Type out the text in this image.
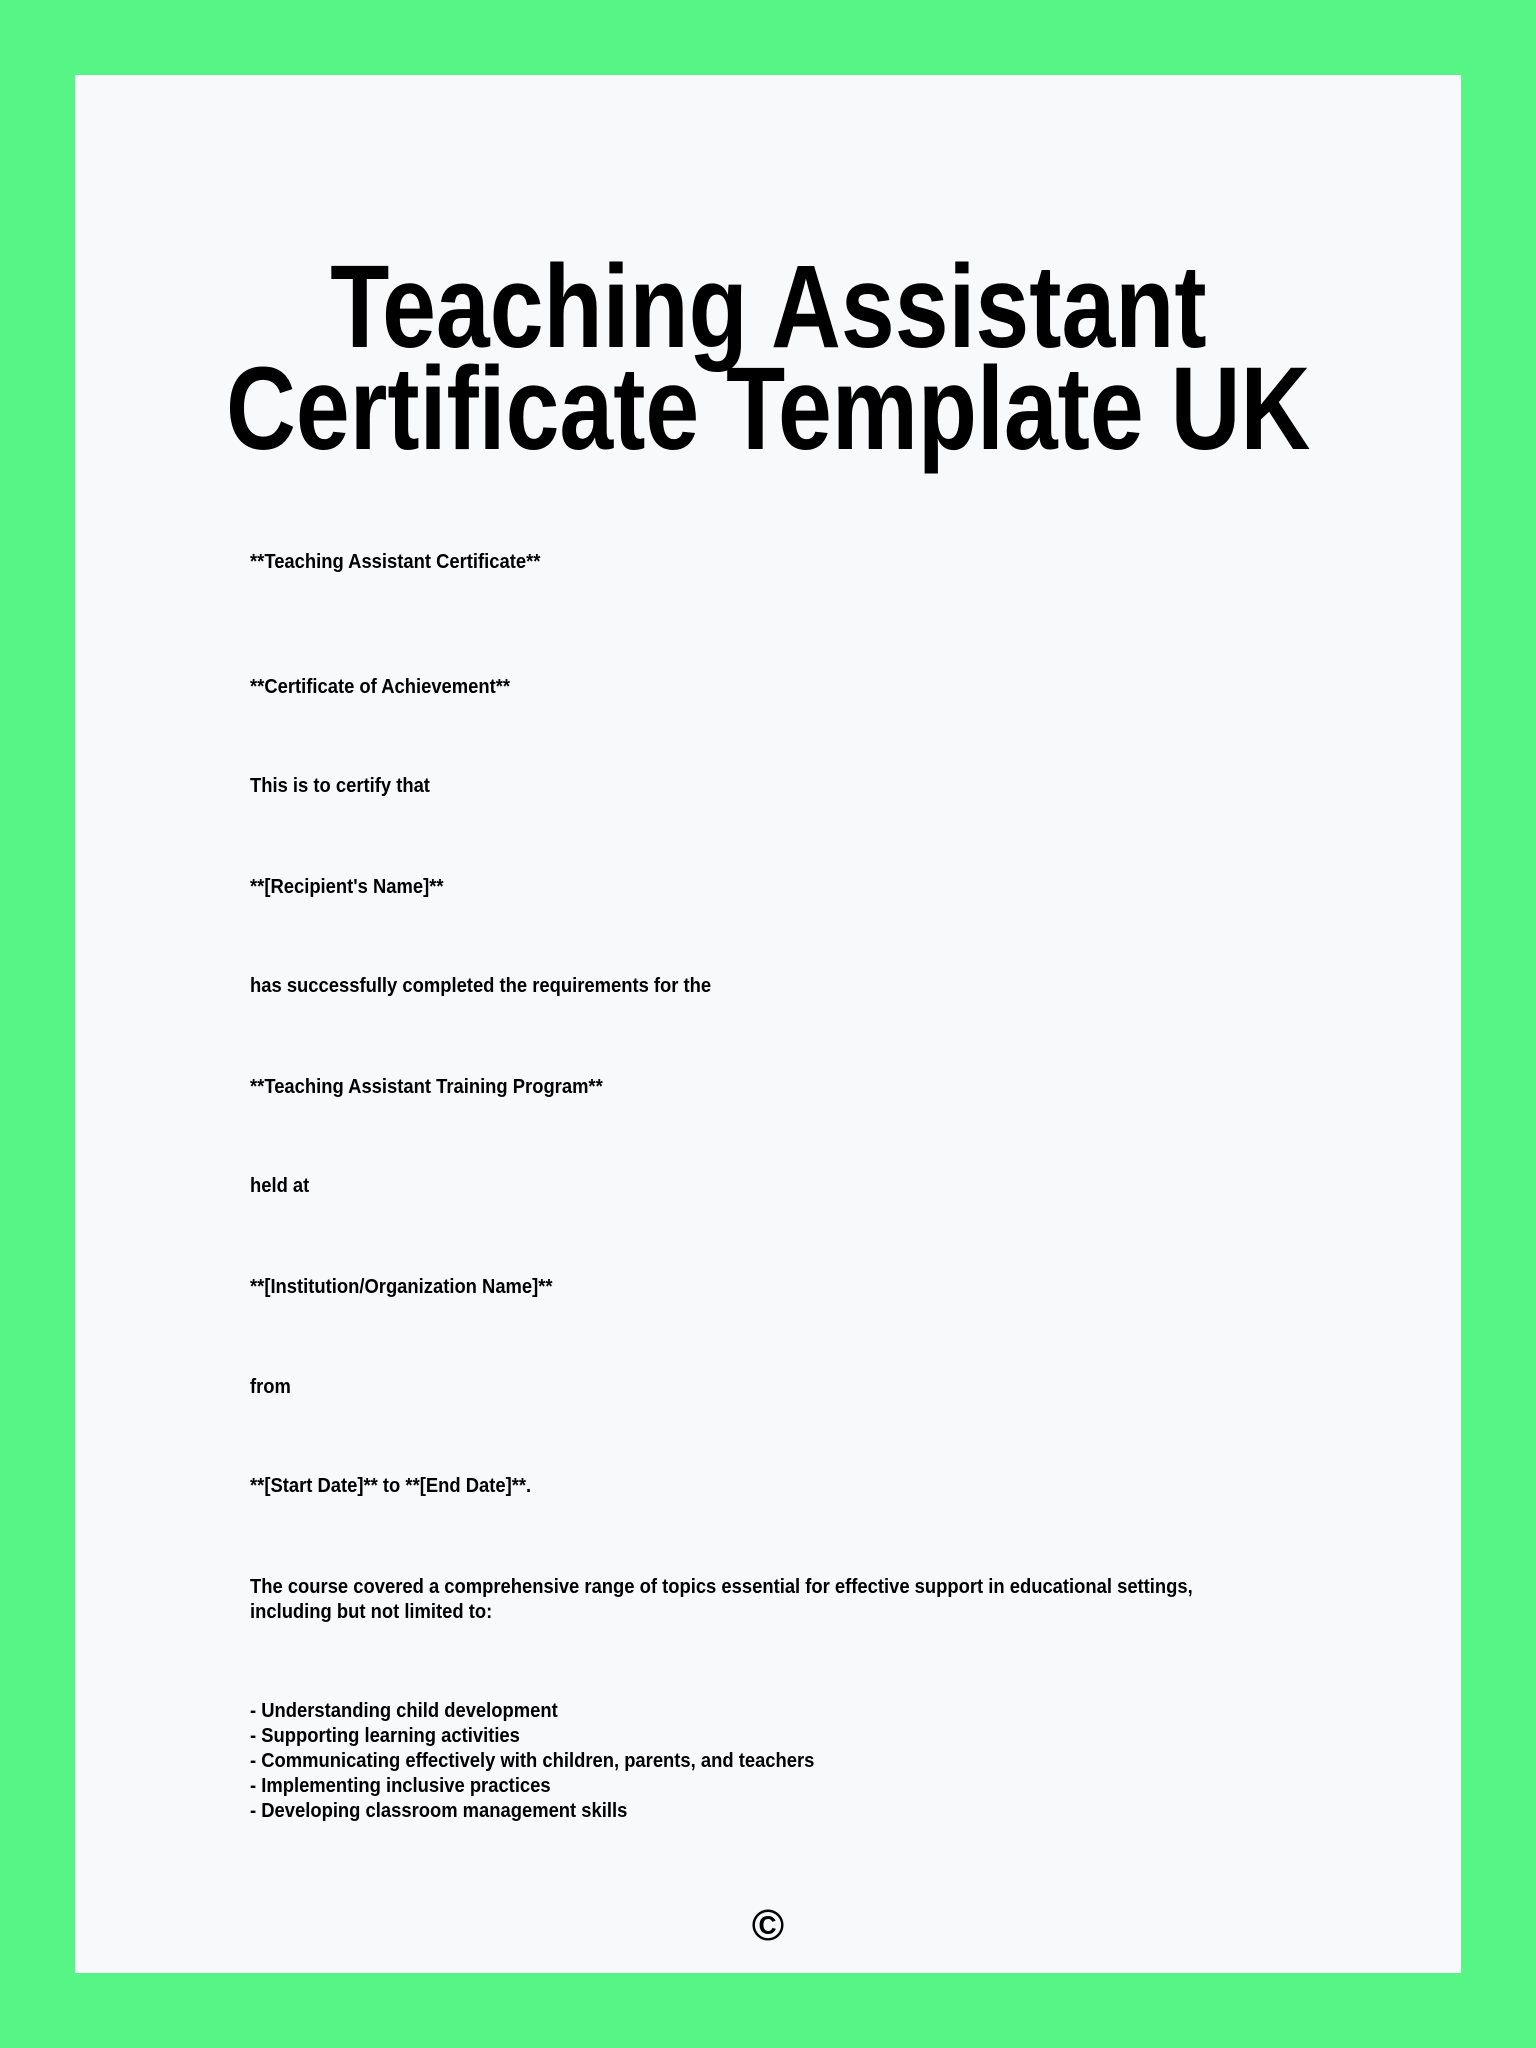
Teaching Assistant
Certificate Template UK
**Teaching Assistant Certificate**
**Certificate of Achievement**
This is to certify that
**[Recipient's Name]**
has successfully completed the requirements for the
**Teaching Assistant Training Program**
held at
**[Institution/Organization Name]**
from
**[Start Date]** to **[End Date]**.
The course covered a comprehensive range of topics essential for effective support in educational settings,
including but not limited to:
- Understanding child development
- Supporting learning activities
- Communicating effectively with children, parents, and teachers
- Implementing inclusive practices
- Developing classroom management skills
©
